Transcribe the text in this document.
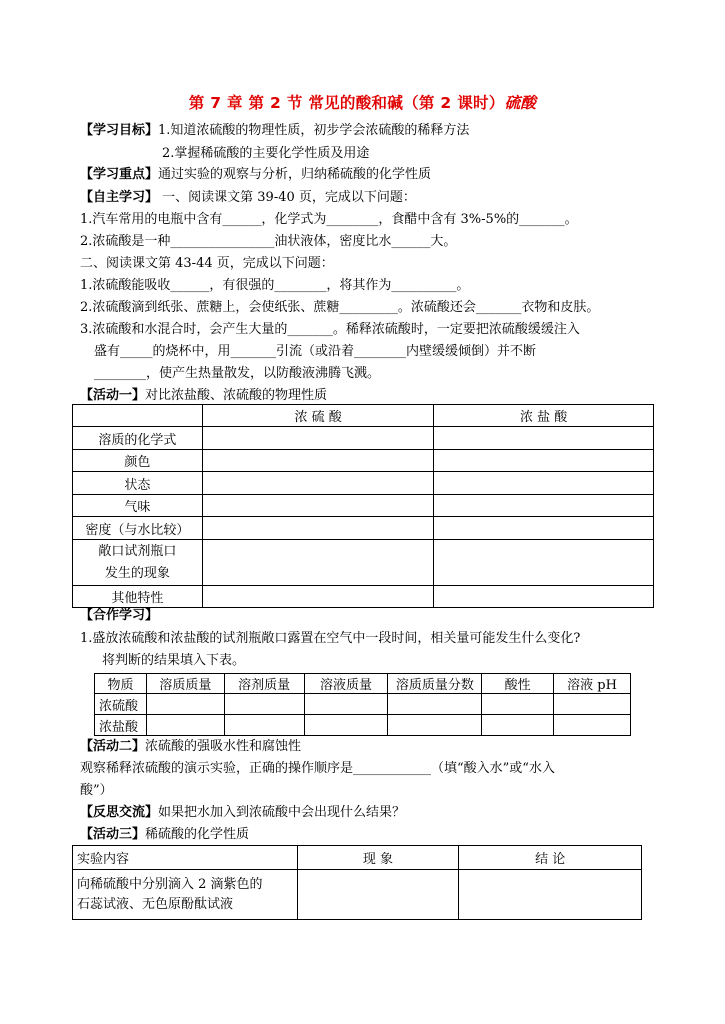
第 7 章 第 2 节 常见的酸和碱（第 2 课时）硫酸
【学习目标】1.知道浓硫酸的物理性质，初步学会浓硫酸的稀释方法
2.掌握稀硫酸的主要化学性质及用途
【学习重点】通过实验的观察与分析，归纳稀硫酸的化学性质
【自主学习】 一、阅读课文第 39-40 页，完成以下问题：
1.汽车常用的电瓶中含有______，化学式为________，食醋中含有 3%-5%的_______。
2.浓硫酸是一种________________油状液体，密度比水______大。
二、阅读课文第 43-44 页，完成以下问题：
1.浓硫酸能吸收______，有很强的________，将其作为__________。
2.浓硫酸滴到纸张、蔗糖上，会使纸张、蔗糖_________。浓硫酸还会_______衣物和皮肤。
3.浓硫酸和水混合时，会产生大量的_______。稀释浓硫酸时，一定要把浓硫酸缓缓注入
盛有_____的烧杯中，用_______引流（或沿着________内壁缓缓倾倒）并不断
________，使产生热量散发，以防酸液沸腾飞溅。
【活动一】对比浓盐酸、浓硫酸的物理性质
	浓 硫 酸	浓 盐 酸
溶质的化学式		
颜色		
状态		
气味		
密度（与水比较）		

敞口试剂瓶口
发生的现象		

其他特性		
【合作学习】
1.盛放浓硫酸和浓盐酸的试剂瓶敞口露置在空气中一段时间，相关量可能发生什么变化?
将判断的结果填入下表。
物质	溶质质量	溶剂质量	溶液质量	溶质质量分数	酸性	溶液 pH
浓硫酸						
浓盐酸						
【活动二】浓硫酸的强吸水性和腐蚀性
观察稀释浓硫酸的演示实验，正确的操作顺序是____________（填“酸入水”或“水入
酸”）
【反思交流】如果把水加入到浓硫酸中会出现什么结果？
【活动三】稀硫酸的化学性质
实验内容	现 象	结 论

向稀硫酸中分别滴入 2 滴紫色的
石蕊试液、无色原酚酞试液		
